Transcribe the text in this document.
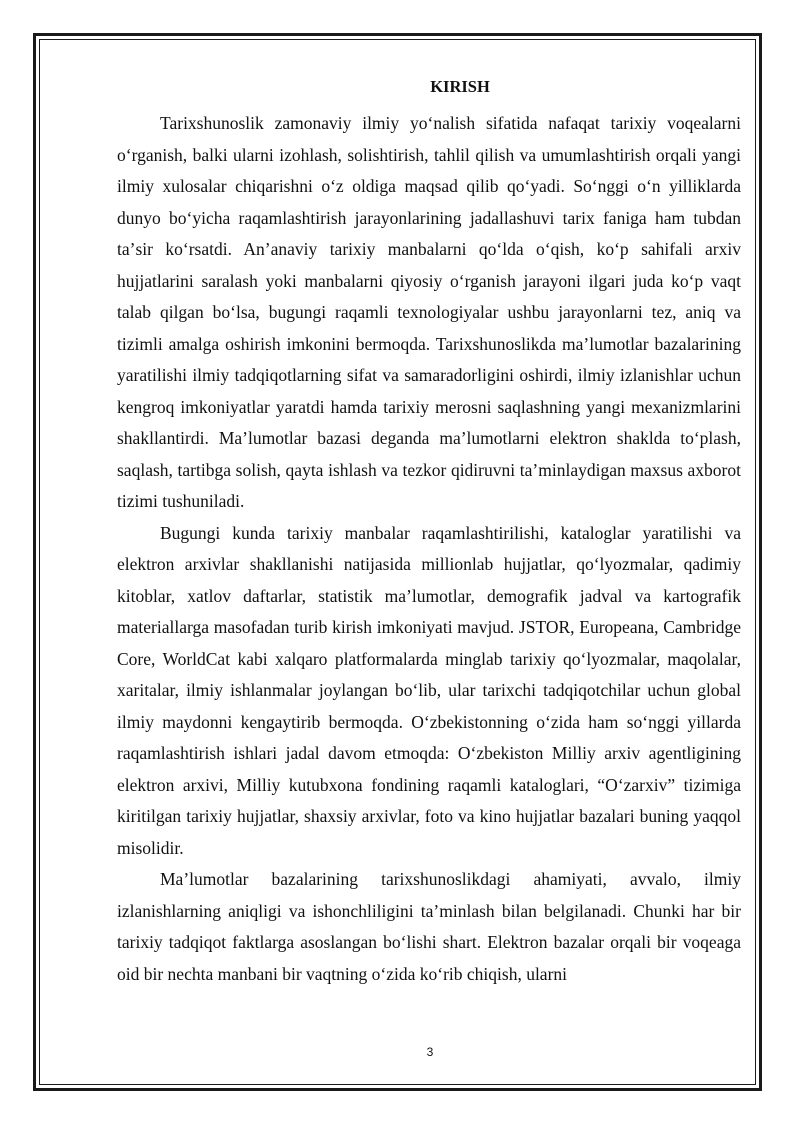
KIRISH

Tarixshunoslik zamonaviy ilmiy yoʻnalish sifatida nafaqat tarixiy voqealarni oʻrganish, balki ularni izohlash, solishtirish, tahlil qilish va umumlashtirish orqali yangi ilmiy xulosalar chiqarishni oʻz oldiga maqsad qilib qoʻyadi. Soʻnggi oʻn yilliklarda dunyo boʻyicha raqamlashtirish jarayonlarining jadallashuvi tarix faniga ham tubdan taʼsir koʻrsatdi. Anʼanaviy tarixiy manbalarni qoʻlda oʻqish, koʻp sahifali arxiv hujjatlarini saralash yoki manbalarni qiyosiy oʻrganish jarayoni ilgari juda koʻp vaqt talab qilgan boʻlsa, bugungi raqamli texnologiyalar ushbu jarayonlarni tez, aniq va tizimli amalga oshirish imkonini bermoqda. Tarixshunoslikda maʼlumotlar bazalarining yaratilishi ilmiy tadqiqotlarning sifat va samaradorligini oshirdi, ilmiy izlanishlar uchun kengroq imkoniyatlar yaratdi hamda tarixiy merosni saqlashning yangi mexanizmlarini shakllantirdi. Maʼlumotlar bazasi deganda maʼlumotlarni elektron shaklda toʻplash, saqlash, tartibga solish, qayta ishlash va tezkor qidiruvni taʼminlaydigan maxsus axborot tizimi tushuniladi.

Bugungi kunda tarixiy manbalar raqamlashtirilishi, kataloglar yaratilishi va elektron arxivlar shakllanishi natijasida millionlab hujjatlar, qoʻlyozmalar, qadimiy kitoblar, xatlov daftarlar, statistik maʼlumotlar, demografik jadval va kartografik materiallarga masofadan turib kirish imkoniyati mavjud. JSTOR, Europeana, Cambridge Core, WorldCat kabi xalqaro platformalarda minglab tarixiy qoʻlyozmalar, maqolalar, xaritalar, ilmiy ishlanmalar joylangan boʻlib, ular tarixchi tadqiqotchilar uchun global ilmiy maydonni kengaytirib bermoqda. Oʻzbekistonning oʻzida ham soʻnggi yillarda raqamlashtirish ishlari jadal davom etmoqda: Oʻzbekiston Milliy arxiv agentligining elektron arxivi, Milliy kutubxona fondining raqamli kataloglari, “Oʻzarxiv” tizimiga kiritilgan tarixiy hujjatlar, shaxsiy arxivlar, foto va kino hujjatlar bazalari buning yaqqol misolidir.

Maʼlumotlar bazalarining tarixshunoslikdagi ahamiyati, avvalo, ilmiy izlanishlarning aniqligi va ishonchliligini taʼminlash bilan belgilanadi. Chunki har bir tarixiy tadqiqot faktlarga asoslangan boʻlishi shart. Elektron bazalar orqali bir voqeaga oid bir nechta manbani bir vaqtning oʻzida koʻrib chiqish, ularni

3
